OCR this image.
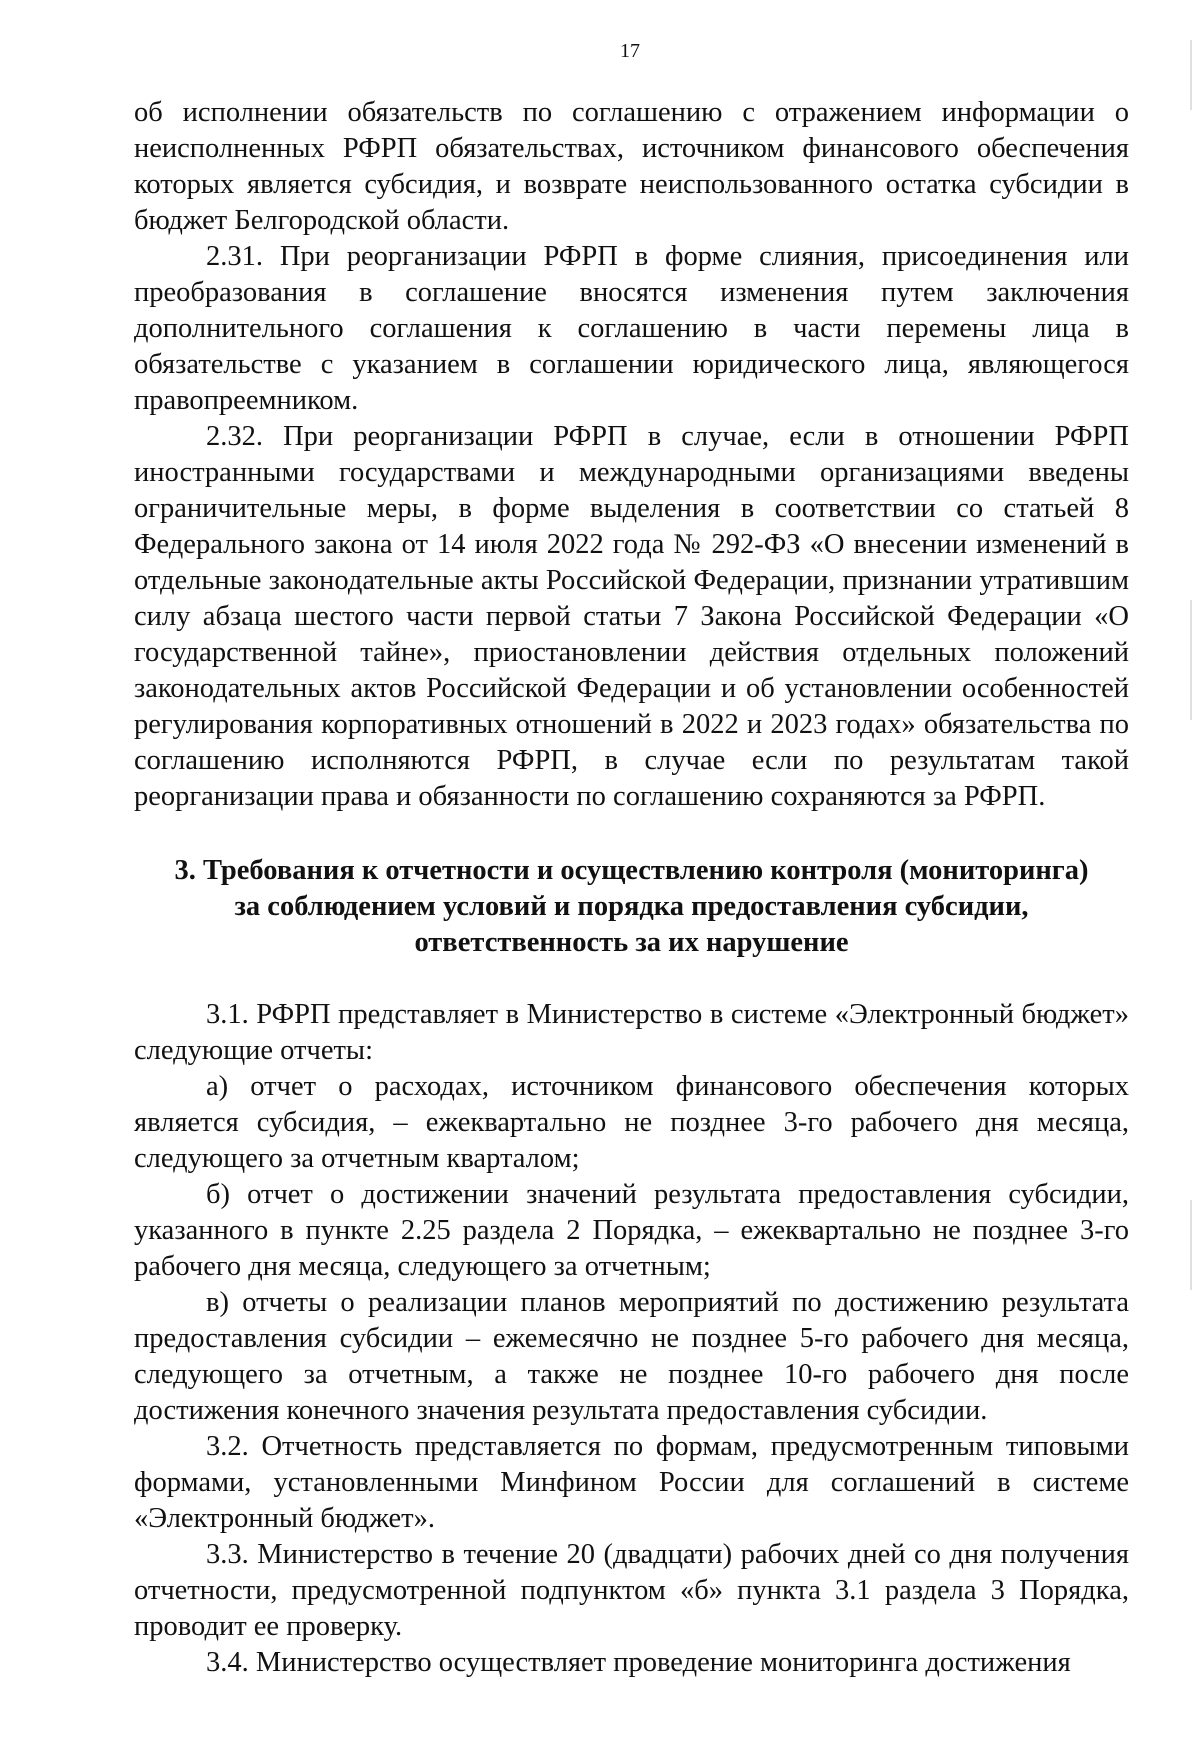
17

об исполнении обязательств по соглашению с отражением информации о неисполненных РФРП обязательствах, источником финансового обеспечения которых является субсидия, и возврате неиспользованного остатка субсидии в бюджет Белгородской области.

2.31. При реорганизации РФРП в форме слияния, присоединения или преобразования в соглашение вносятся изменения путем заключения дополнительного соглашения к соглашению в части перемены лица в обязательстве с указанием в соглашении юридического лица, являющегося правопреемником.

2.32. При реорганизации РФРП в случае, если в отношении РФРП иностранными государствами и международными организациями введены ограничительные меры, в форме выделения в соответствии со статьей 8 Федерального закона от 14 июля 2022 года № 292-ФЗ «О внесении изменений в отдельные законодательные акты Российской Федерации, признании утратившим силу абзаца шестого части первой статьи 7 Закона Российской Федерации «О государственной тайне», приостановлении действия отдельных положений законодательных актов Российской Федерации и об установлении особенностей регулирования корпоративных отношений в 2022 и 2023 годах» обязательства по соглашению исполняются РФРП, в случае если по результатам такой реорганизации права и обязанности по соглашению сохраняются за РФРП.

3. Требования к отчетности и осуществлению контроля (мониторинга) за соблюдением условий и порядка предоставления субсидии, ответственность за их нарушение

3.1. РФРП представляет в Министерство в системе «Электронный бюджет» следующие отчеты:

а) отчет о расходах, источником финансового обеспечения которых является субсидия, – ежеквартально не позднее 3-го рабочего дня месяца, следующего за отчетным кварталом;

б) отчет о достижении значений результата предоставления субсидии, указанного в пункте 2.25 раздела 2 Порядка, – ежеквартально не позднее 3-го рабочего дня месяца, следующего за отчетным;

в) отчеты о реализации планов мероприятий по достижению результата предоставления субсидии – ежемесячно не позднее 5-го рабочего дня месяца, следующего за отчетным, а также не позднее 10-го рабочего дня после достижения конечного значения результата предоставления субсидии.

3.2. Отчетность представляется по формам, предусмотренным типовыми формами, установленными Минфином России для соглашений в системе «Электронный бюджет».

3.3. Министерство в течение 20 (двадцати) рабочих дней со дня получения отчетности, предусмотренной подпунктом «б» пункта 3.1 раздела 3 Порядка, проводит ее проверку.

3.4. Министерство осуществляет проведение мониторинга достижения
